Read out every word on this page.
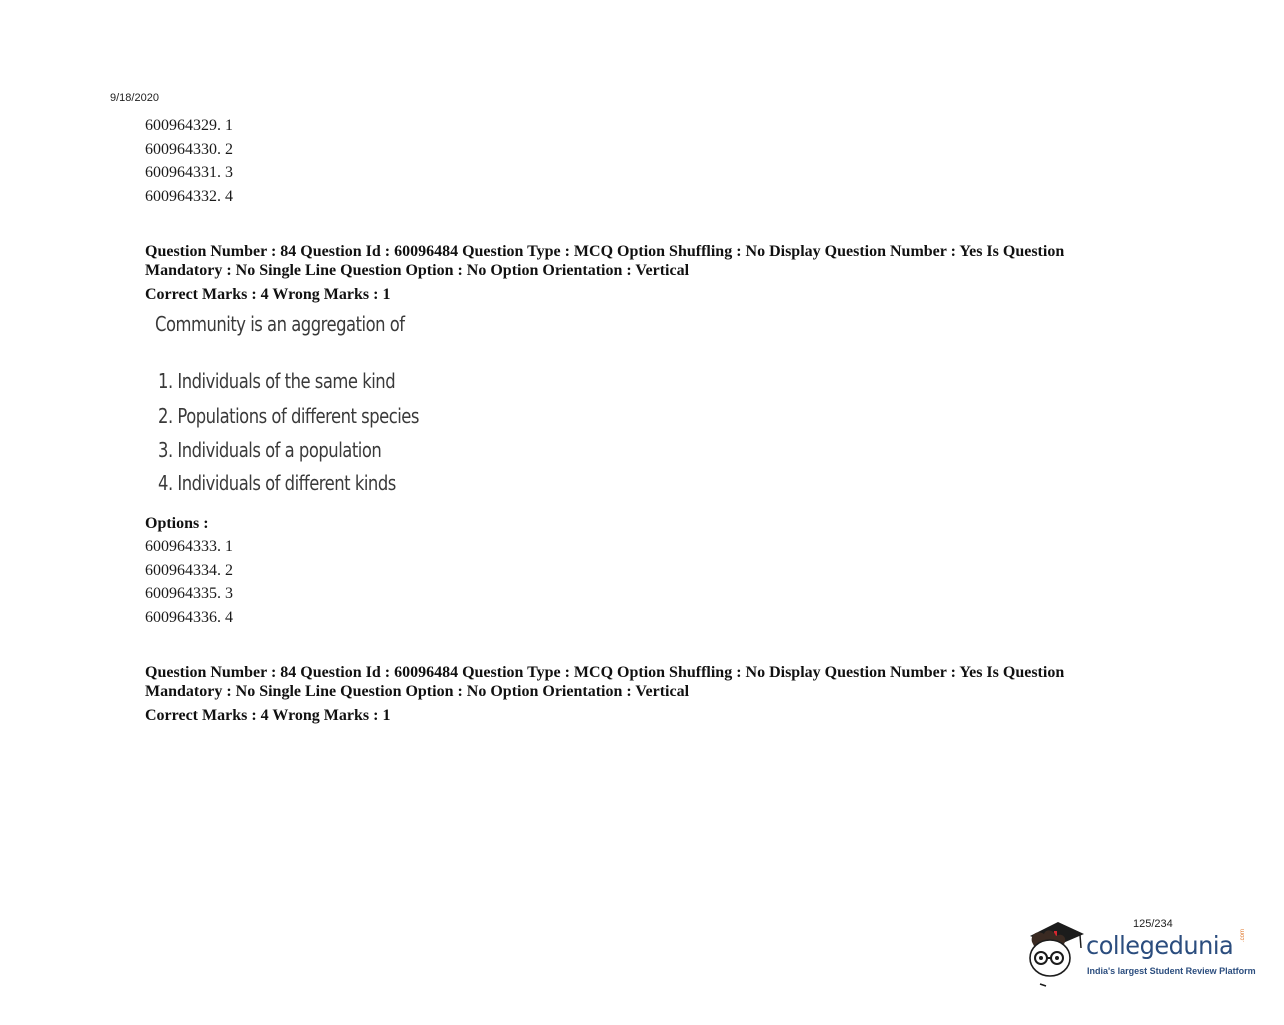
9/18/2020
600964329. 1
600964330. 2
600964331. 3
600964332. 4
Question Number : 84 Question Id : 60096484 Question Type : MCQ Option Shuffling : No Display Question Number : Yes Is Question
Mandatory : No Single Line Question Option : No Option Orientation : Vertical
Correct Marks : 4 Wrong Marks : 1
Community is an aggregation of
1. Individuals of the same kind
2. Populations of different species
3. Individuals of a population
4. Individuals of different kinds
Options :
600964333. 1
600964334. 2
600964335. 3
600964336. 4
Question Number : 84 Question Id : 60096484 Question Type : MCQ Option Shuffling : No Display Question Number : Yes Is Question
Mandatory : No Single Line Question Option : No Option Orientation : Vertical
Correct Marks : 4 Wrong Marks : 1
125/234
collegedunia .com
India's largest Student Review Platform
